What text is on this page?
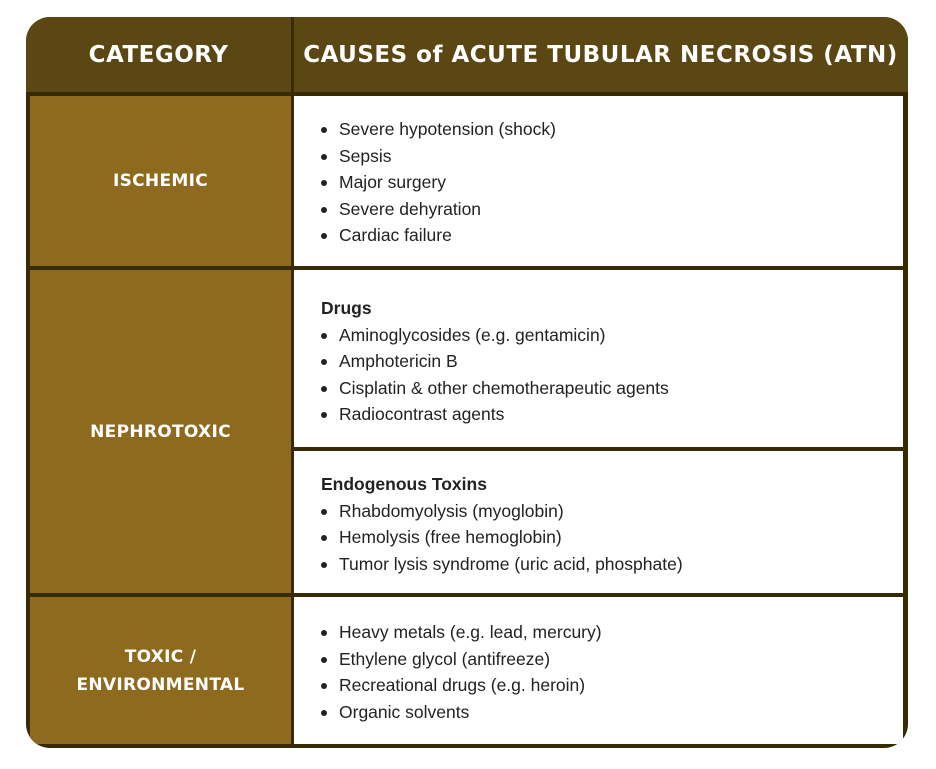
CATEGORY	CAUSES of ACUTE TUBULAR NECROSIS (ATN)
ISCHEMIC
Severe hypotension (shock)
Sepsis
Major surgery
Severe dehyration
Cardiac failure
NEPHROTOXIC
Drugs
Aminoglycosides (e.g. gentamicin)
Amphotericin B
Cisplatin & other chemotherapeutic agents
Radiocontrast agents
Endogenous Toxins
Rhabdomyolysis (myoglobin)
Hemolysis (free hemoglobin)
Tumor lysis syndrome (uric acid, phosphate)
TOXIC /
ENVIRONMENTAL
Heavy metals (e.g. lead, mercury)
Ethylene glycol (antifreeze)
Recreational drugs (e.g. heroin)
Organic solvents
